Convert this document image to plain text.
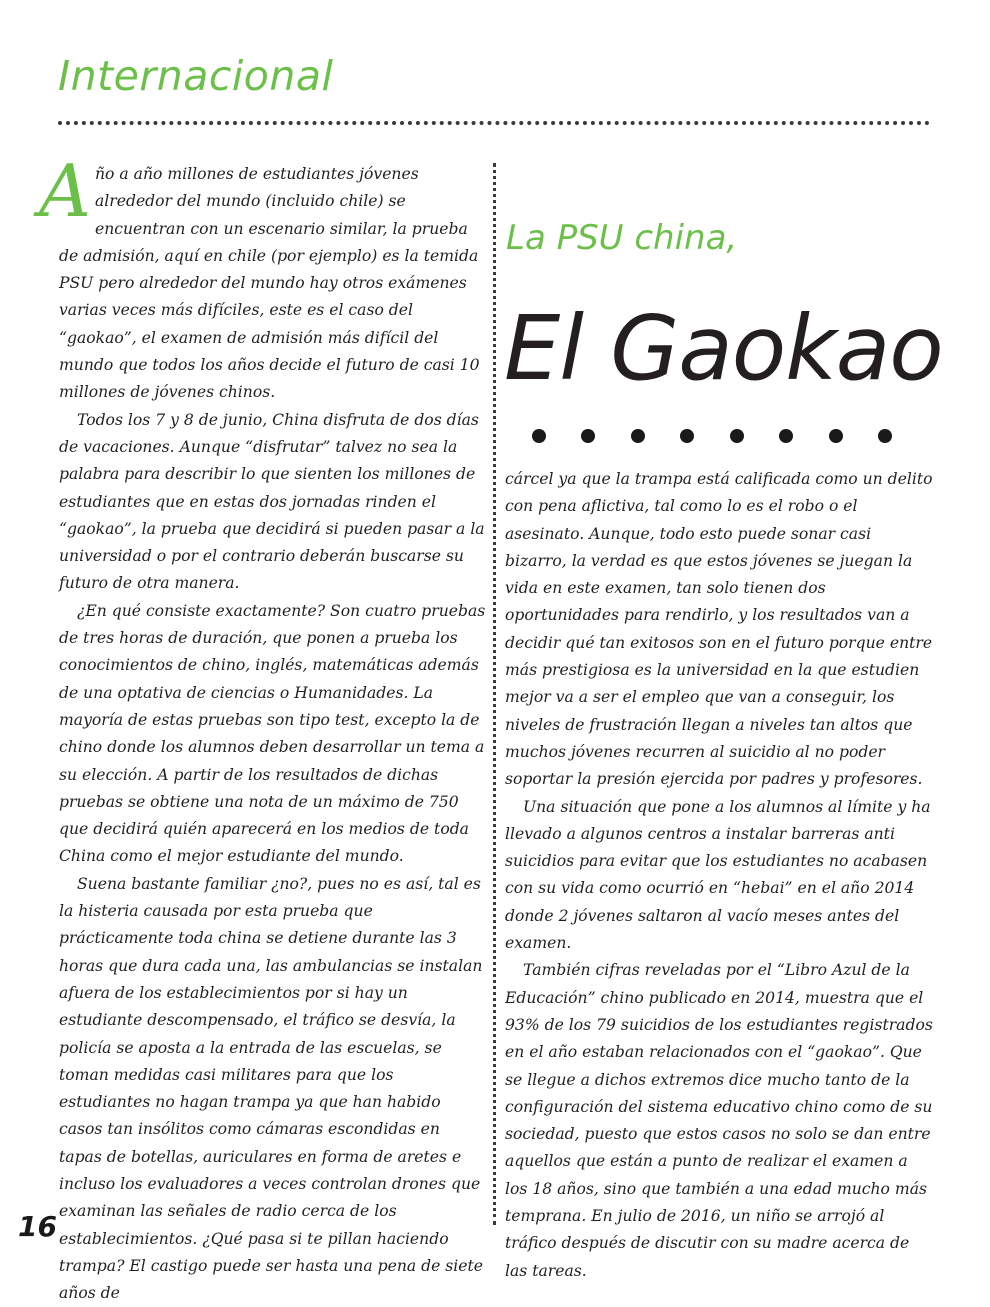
Internacional

Año a año millones de estudiantes jóvenes alrededor del mundo (incluido chile) se encuentran con un escenario similar, la prueba de admisión, aquí en chile (por ejemplo) es la temida PSU pero alrededor del mundo hay otros exámenes varias veces más difíciles, este es el caso del “gaokao”, el examen de admisión más difícil del mundo que todos los años decide el futuro de casi 10 millones de jóvenes chinos.

Todos los 7 y 8 de junio, China disfruta de dos días de vacaciones. Aunque “disfrutar” talvez no sea la palabra para describir lo que sienten los millones de estudiantes que en estas dos jornadas rinden el “gaokao”, la prueba que decidirá si pueden pasar a la universidad o por el contrario deberán buscarse su futuro de otra manera.

¿En qué consiste exactamente? Son cuatro pruebas de tres horas de duración, que ponen a prueba los conocimientos de chino, inglés, matemáticas además de una optativa de ciencias o Humanidades. La mayoría de estas pruebas son tipo test, excepto la de chino donde los alumnos deben desarrollar un tema a su elección. A partir de los resultados de dichas pruebas se obtiene una nota de un máximo de 750 que decidirá quién aparecerá en los medios de toda China como el mejor estudiante del mundo.

Suena bastante familiar ¿no?, pues no es así, tal es la histeria causada por esta prueba que prácticamente toda china se detiene durante las 3 horas que dura cada una, las ambulancias se instalan afuera de los establecimientos por si hay un estudiante descompensado, el tráfico se desvía, la policía se aposta a la entrada de las escuelas, se toman medidas casi militares para que los estudiantes no hagan trampa ya que han habido casos tan insólitos como cámaras escondidas en tapas de botellas, auriculares en forma de aretes e incluso los evaluadores a veces controlan drones que examinan las señales de radio cerca de los establecimientos. ¿Qué pasa si te pillan haciendo trampa? El castigo puede ser hasta una pena de siete años de

La PSU china,
El Gaokao

cárcel ya que la trampa está calificada como un delito con pena aflictiva, tal como lo es el robo o el asesinato. Aunque, todo esto puede sonar casi bizarro, la verdad es que estos jóvenes se juegan la vida en este examen, tan solo tienen dos oportunidades para rendirlo, y los resultados van a decidir qué tan exitosos son en el futuro porque entre más prestigiosa es la universidad en la que estudien mejor va a ser el empleo que van a conseguir, los niveles de frustración llegan a niveles tan altos que muchos jóvenes recurren al suicidio al no poder soportar la presión ejercida por padres y profesores.

Una situación que pone a los alumnos al límite y ha llevado a algunos centros a instalar barreras anti suicidios para evitar que los estudiantes no acabasen con su vida como ocurrió en “hebai” en el año 2014 donde 2 jóvenes saltaron al vacío meses antes del examen.

También cifras reveladas por el “Libro Azul de la Educación” chino publicado en 2014, muestra que el 93% de los 79 suicidios de los estudiantes registrados en el año estaban relacionados con el “gaokao”. Que se llegue a dichos extremos dice mucho tanto de la configuración del sistema educativo chino como de su sociedad, puesto que estos casos no solo se dan entre aquellos que están a punto de realizar el examen a los 18 años, sino que también a una edad mucho más temprana. En julio de 2016, un niño se arrojó al tráfico después de discutir con su madre acerca de las tareas.

16
